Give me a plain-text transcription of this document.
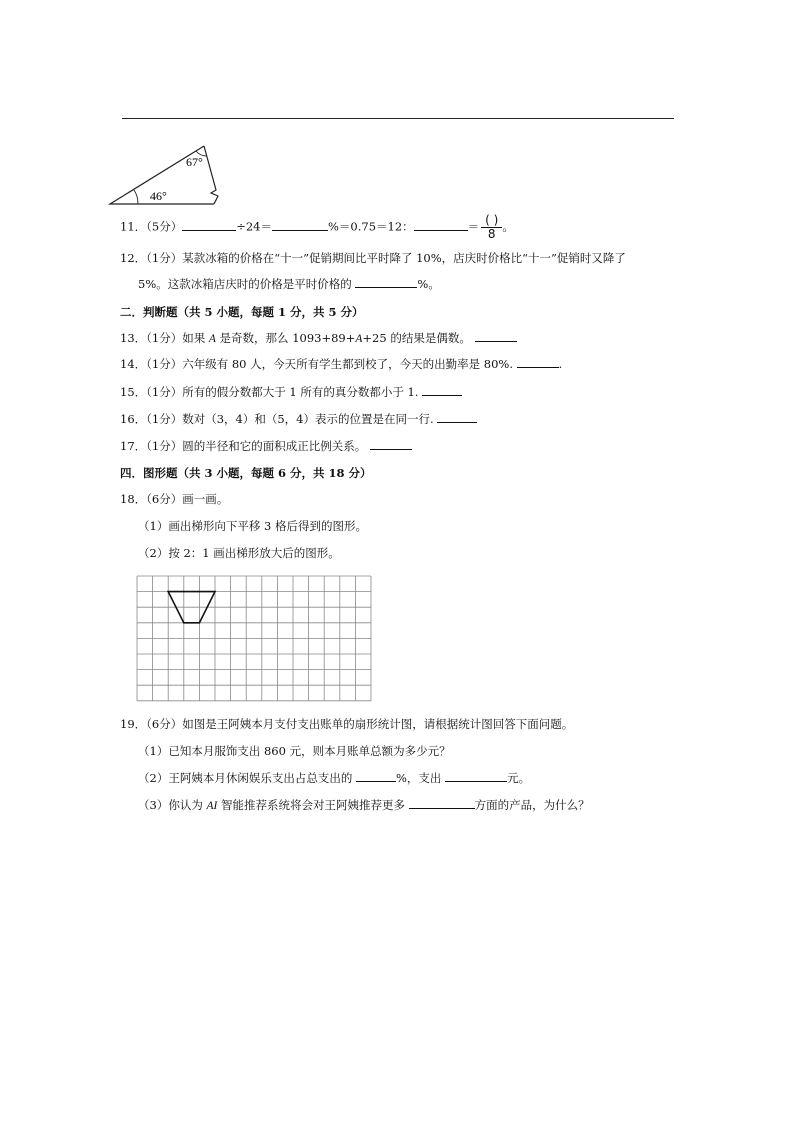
67°
46°
11．（5分）	÷24＝	%＝0.75＝12：	＝ $\frac{( )}{8}$ 。
12．（1分）某款冰箱的价格在“十一”促销期间比平时降了 10%，店庆时价格比“十一”促销时又降了
5%。这款冰箱店庆时的价格是平时价格的	%。
二．判断题（共 5 小题，每题 1 分，共 5 分）
13．（1分）如果 A 是奇数，那么 1093+89+A+25 的结果是偶数。
14．（1分）六年级有 80 人，今天所有学生都到校了，今天的出勤率是 80%.	.
15．（1分）所有的假分数都大于 1 所有的真分数都小于 1.
16．（1分）数对（3，4）和（5，4）表示的位置是在同一行.
17．（1分）圆的半径和它的面积成正比例关系。
四．图形题（共 3 小题，每题 6 分，共 18 分）
18．（6分）画一画。
（1）画出梯形向下平移 3 格后得到的图形。
（2）按 2：1 画出梯形放大后的图形。
19．（6分）如图是王阿姨本月支付支出账单的扇形统计图，请根据统计图回答下面问题。
（1）已知本月服饰支出 860 元，则本月账单总额为多少元？
（2）王阿姨本月休闲娱乐支出占总支出的	%，支出	元。
（3）你认为 AI 智能推荐系统将会对王阿姨推荐更多	方面的产品，为什么？
